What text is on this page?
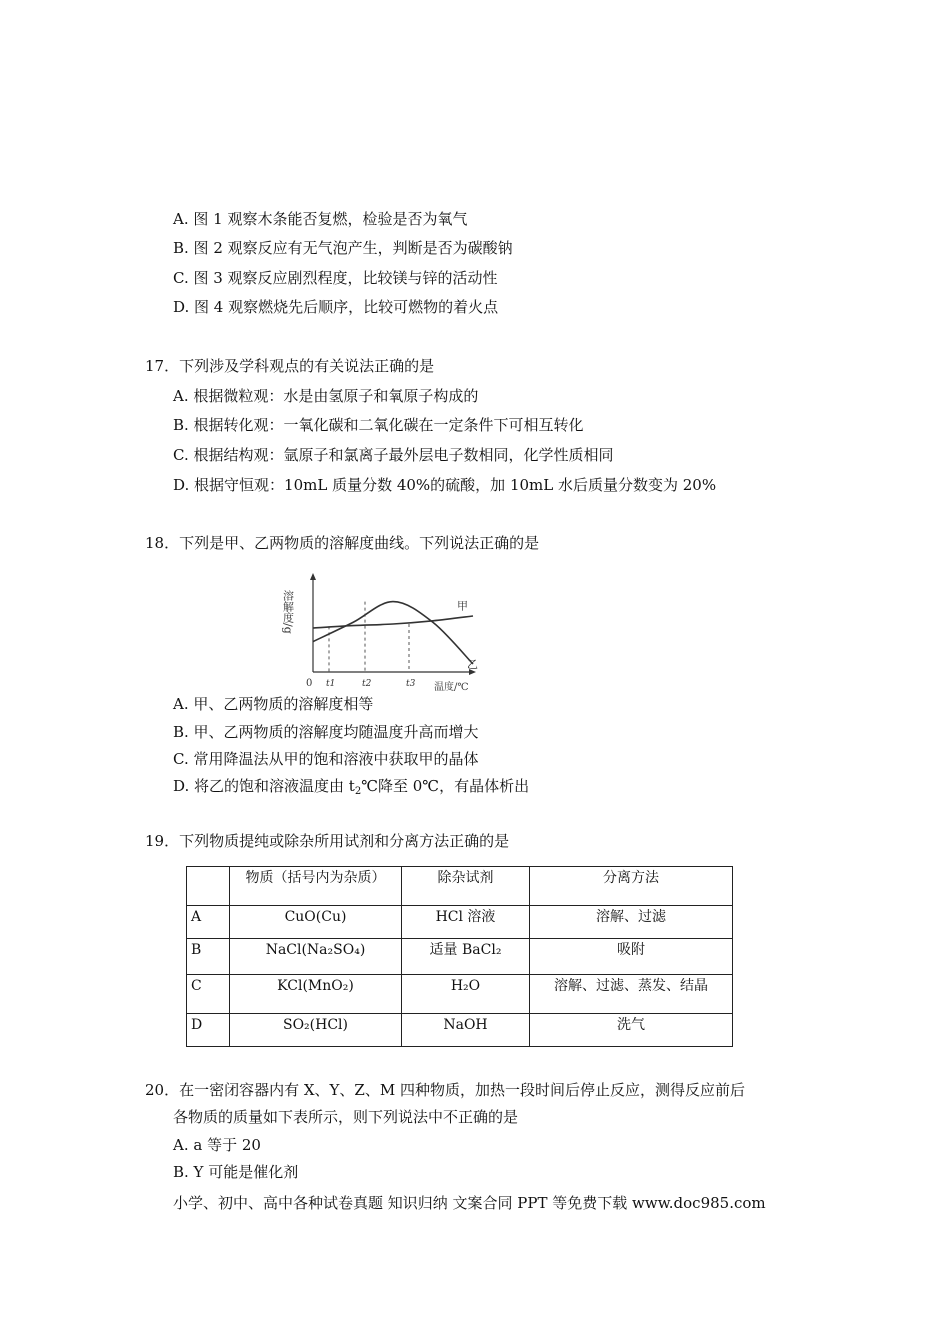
A. 图 1 观察木条能否复燃，检验是否为氧气
B. 图 2 观察反应有无气泡产生，判断是否为碳酸钠
C. 图 3 观察反应剧烈程度，比较镁与锌的活动性
D. 图 4 观察燃烧先后顺序，比较可燃物的着火点
17．下列涉及学科观点的有关说法正确的是
A. 根据微粒观：水是由氢原子和氧原子构成的
B. 根据转化观：一氧化碳和二氧化碳在一定条件下可相互转化
C. 根据结构观：氩原子和氯离子最外层电子数相同，化学性质相同
D. 根据守恒观：10mL 质量分数 40%的硫酸，加 10mL 水后质量分数变为 20%
18．下列是甲、乙两物质的溶解度曲线。下列说法正确的是
溶解度/g	甲
乙
0 t1	t2	t3 温度/℃
A. 甲、乙两物质的溶解度相等
B. 甲、乙两物质的溶解度均随温度升高而增大
C. 常用降温法从甲的饱和溶液中获取甲的晶体
D. 将乙的饱和溶液温度由 $t_2℃$降至 0℃，有晶体析出
19．下列物质提纯或除杂所用试剂和分离方法正确的是
	物质（括号内为杂质）	除杂试剂	分离方法
A	CuO(Cu)	HCl 溶液	溶解、过滤
B	NaCl(Na₂SO₄)	适量 BaCl₂	吸附
C	KCl(MnO₂)	H₂O	溶解、过滤、蒸发、结晶
D	SO₂(HCl)	NaOH	洗气
20．在一密闭容器内有 X、Y、Z、M 四种物质，加热一段时间后停止反应，测得反应前后
各物质的质量如下表所示，则下列说法中不正确的是
A. a 等于 20
B. Y 可能是催化剂
小学、初中、高中各种试卷真题 知识归纳 文案合同 PPT 等免费下载 www.doc985.com
